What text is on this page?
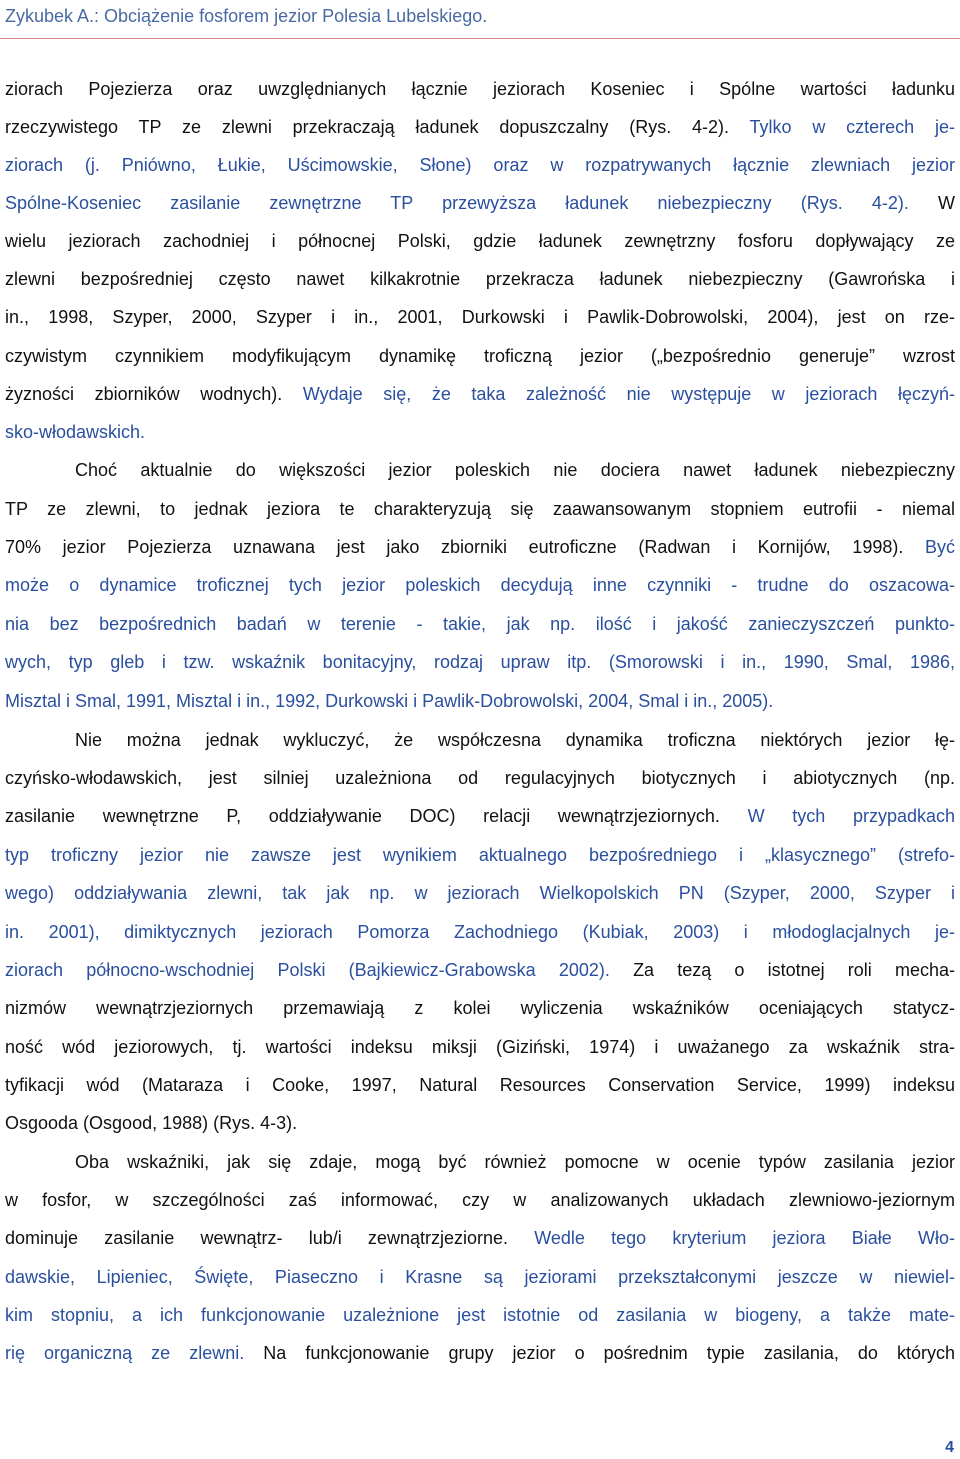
Zykubek A.: Obciążenie fosforem jezior Polesia Lubelskiego.
ziorach Pojezierza oraz uwzględnianych łącznie jeziorach Koseniec i Spólne wartości ładunku
rzeczywistego TP ze zlewni przekraczają ładunek dopuszczalny (Rys. 4-2). Tylko w czterech je-
ziorach (j. Pniówno, Łukie, Uścimowskie, Słone) oraz w rozpatrywanych łącznie zlewniach jezior
Spólne-Koseniec zasilanie zewnętrzne TP przewyższa ładunek niebezpieczny (Rys. 4-2). W
wielu jeziorach zachodniej i północnej Polski, gdzie ładunek zewnętrzny fosforu dopływający ze
zlewni bezpośredniej często nawet kilkakrotnie przekracza ładunek niebezpieczny (Gawrońska i
in., 1998, Szyper, 2000, Szyper i in., 2001, Durkowski i Pawlik-Dobrowolski, 2004), jest on rze-
czywistym czynnikiem modyfikującym dynamikę troficzną jezior („bezpośrednio generuje” wzrost
żyzności zbiorników wodnych). Wydaje się, że taka zależność nie występuje w jeziorach łęczyń-
sko-włodawskich.
Choć aktualnie do większości jezior poleskich nie dociera nawet ładunek niebezpieczny
TP ze zlewni, to jednak jeziora te charakteryzują się zaawansowanym stopniem eutrofii - niemal
70% jezior Pojezierza uznawana jest jako zbiorniki eutroficzne (Radwan i Kornijów, 1998). Być
może o dynamice troficznej tych jezior poleskich decydują inne czynniki - trudne do oszacowa-
nia bez bezpośrednich badań w terenie - takie, jak np. ilość i jakość zanieczyszczeń punkto-
wych, typ gleb i tzw. wskaźnik bonitacyjny, rodzaj upraw itp. (Smorowski i in., 1990, Smal, 1986,
Misztal i Smal, 1991, Misztal i in., 1992, Durkowski i Pawlik-Dobrowolski, 2004, Smal i in., 2005).
Nie można jednak wykluczyć, że współczesna dynamika troficzna niektórych jezior łę-
czyńsko-włodawskich, jest silniej uzależniona od regulacyjnych biotycznych i abiotycznych (np.
zasilanie wewnętrzne P, oddziaływanie DOC) relacji wewnątrzjeziornych. W tych przypadkach
typ troficzny jezior nie zawsze jest wynikiem aktualnego bezpośredniego i „klasycznego” (strefo-
wego) oddziaływania zlewni, tak jak np. w jeziorach Wielkopolskich PN (Szyper, 2000, Szyper i
in. 2001), dimiktycznych jeziorach Pomorza Zachodniego (Kubiak, 2003) i młodoglacjalnych je-
ziorach północno-wschodniej Polski (Bajkiewicz-Grabowska 2002). Za tezą o istotnej roli mecha-
nizmów wewnątrzjeziornych przemawiają z kolei wyliczenia wskaźników oceniających statycz-
ność wód jeziorowych, tj. wartości indeksu miksji (Giziński, 1974) i uważanego za wskaźnik stra-
tyfikacji wód (Mataraza i Cooke, 1997, Natural Resources Conservation Service, 1999) indeksu
Osgooda (Osgood, 1988) (Rys. 4-3).
Oba wskaźniki, jak się zdaje, mogą być również pomocne w ocenie typów zasilania jezior
w fosfor, w szczególności zaś informować, czy w analizowanych układach zlewniowo-jeziornym
dominuje zasilanie wewnątrz- lub/i zewnątrzjeziorne. Wedle tego kryterium jeziora Białe Wło-
dawskie, Lipieniec, Święte, Piaseczno i Krasne są jeziorami przekształconymi jeszcze w niewiel-
kim stopniu, a ich funkcjonowanie uzależnione jest istotnie od zasilania w biogeny, a także mate-
rię organiczną ze zlewni. Na funkcjonowanie grupy jezior o pośrednim typie zasilania, do których
4
